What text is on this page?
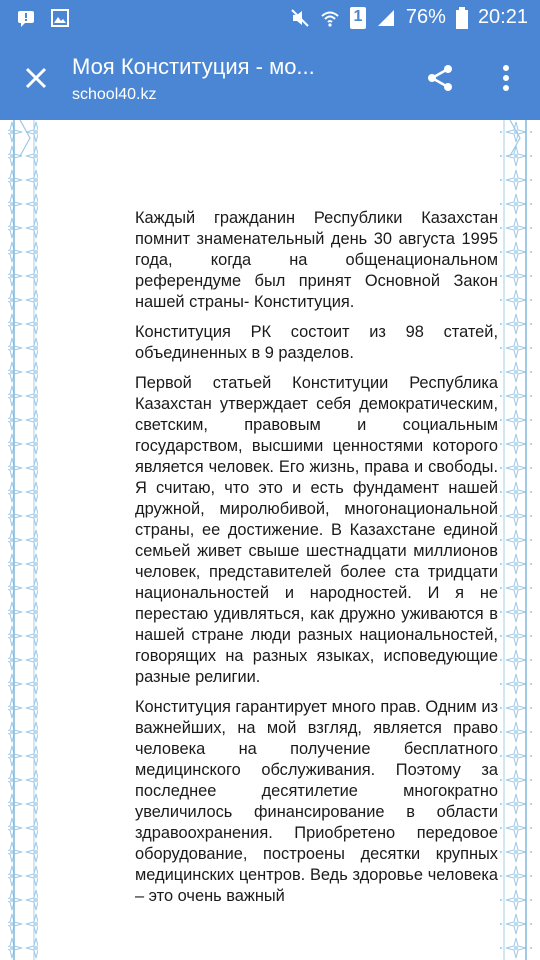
1 76% 20:21
Моя Конституция - мо...
school40.kz

Каждый гражданин Республики Казахстан помнит знаменательный день 30 августа 1995 года, когда на общенациональном референдуме был принят Основной Закон нашей страны- Конституция.

Конституция РК состоит из 98 статей, объединенных в 9 разделов.

Первой статьей Конституции Республика Казахстан утверждает себя демократическим, светским, правовым и социальным государством, высшими ценностями которого является человек. Его жизнь, права и свободы. Я считаю, что это и есть фундамент нашей дружной, миролюбивой, многонациональной страны, ее достижение. В Казахстане единой семьей живет свыше шестнадцати миллионов человек, представителей более ста тридцати национальностей и народностей. И я не перестаю удивляться, как дружно уживаются в нашей стране люди разных национальностей, говорящих на разных языках, исповедующие разные религии.

Конституция гарантирует много прав. Одним из важнейших, на мой взгляд, является право человека на получение бесплатного медицинского обслуживания. Поэтому за последнее десятилетие многократно увеличилось финансирование в области здравоохранения. Приобретено передовое оборудование, построены десятки крупных медицинских центров. Ведь здоровье человека – это очень важный
